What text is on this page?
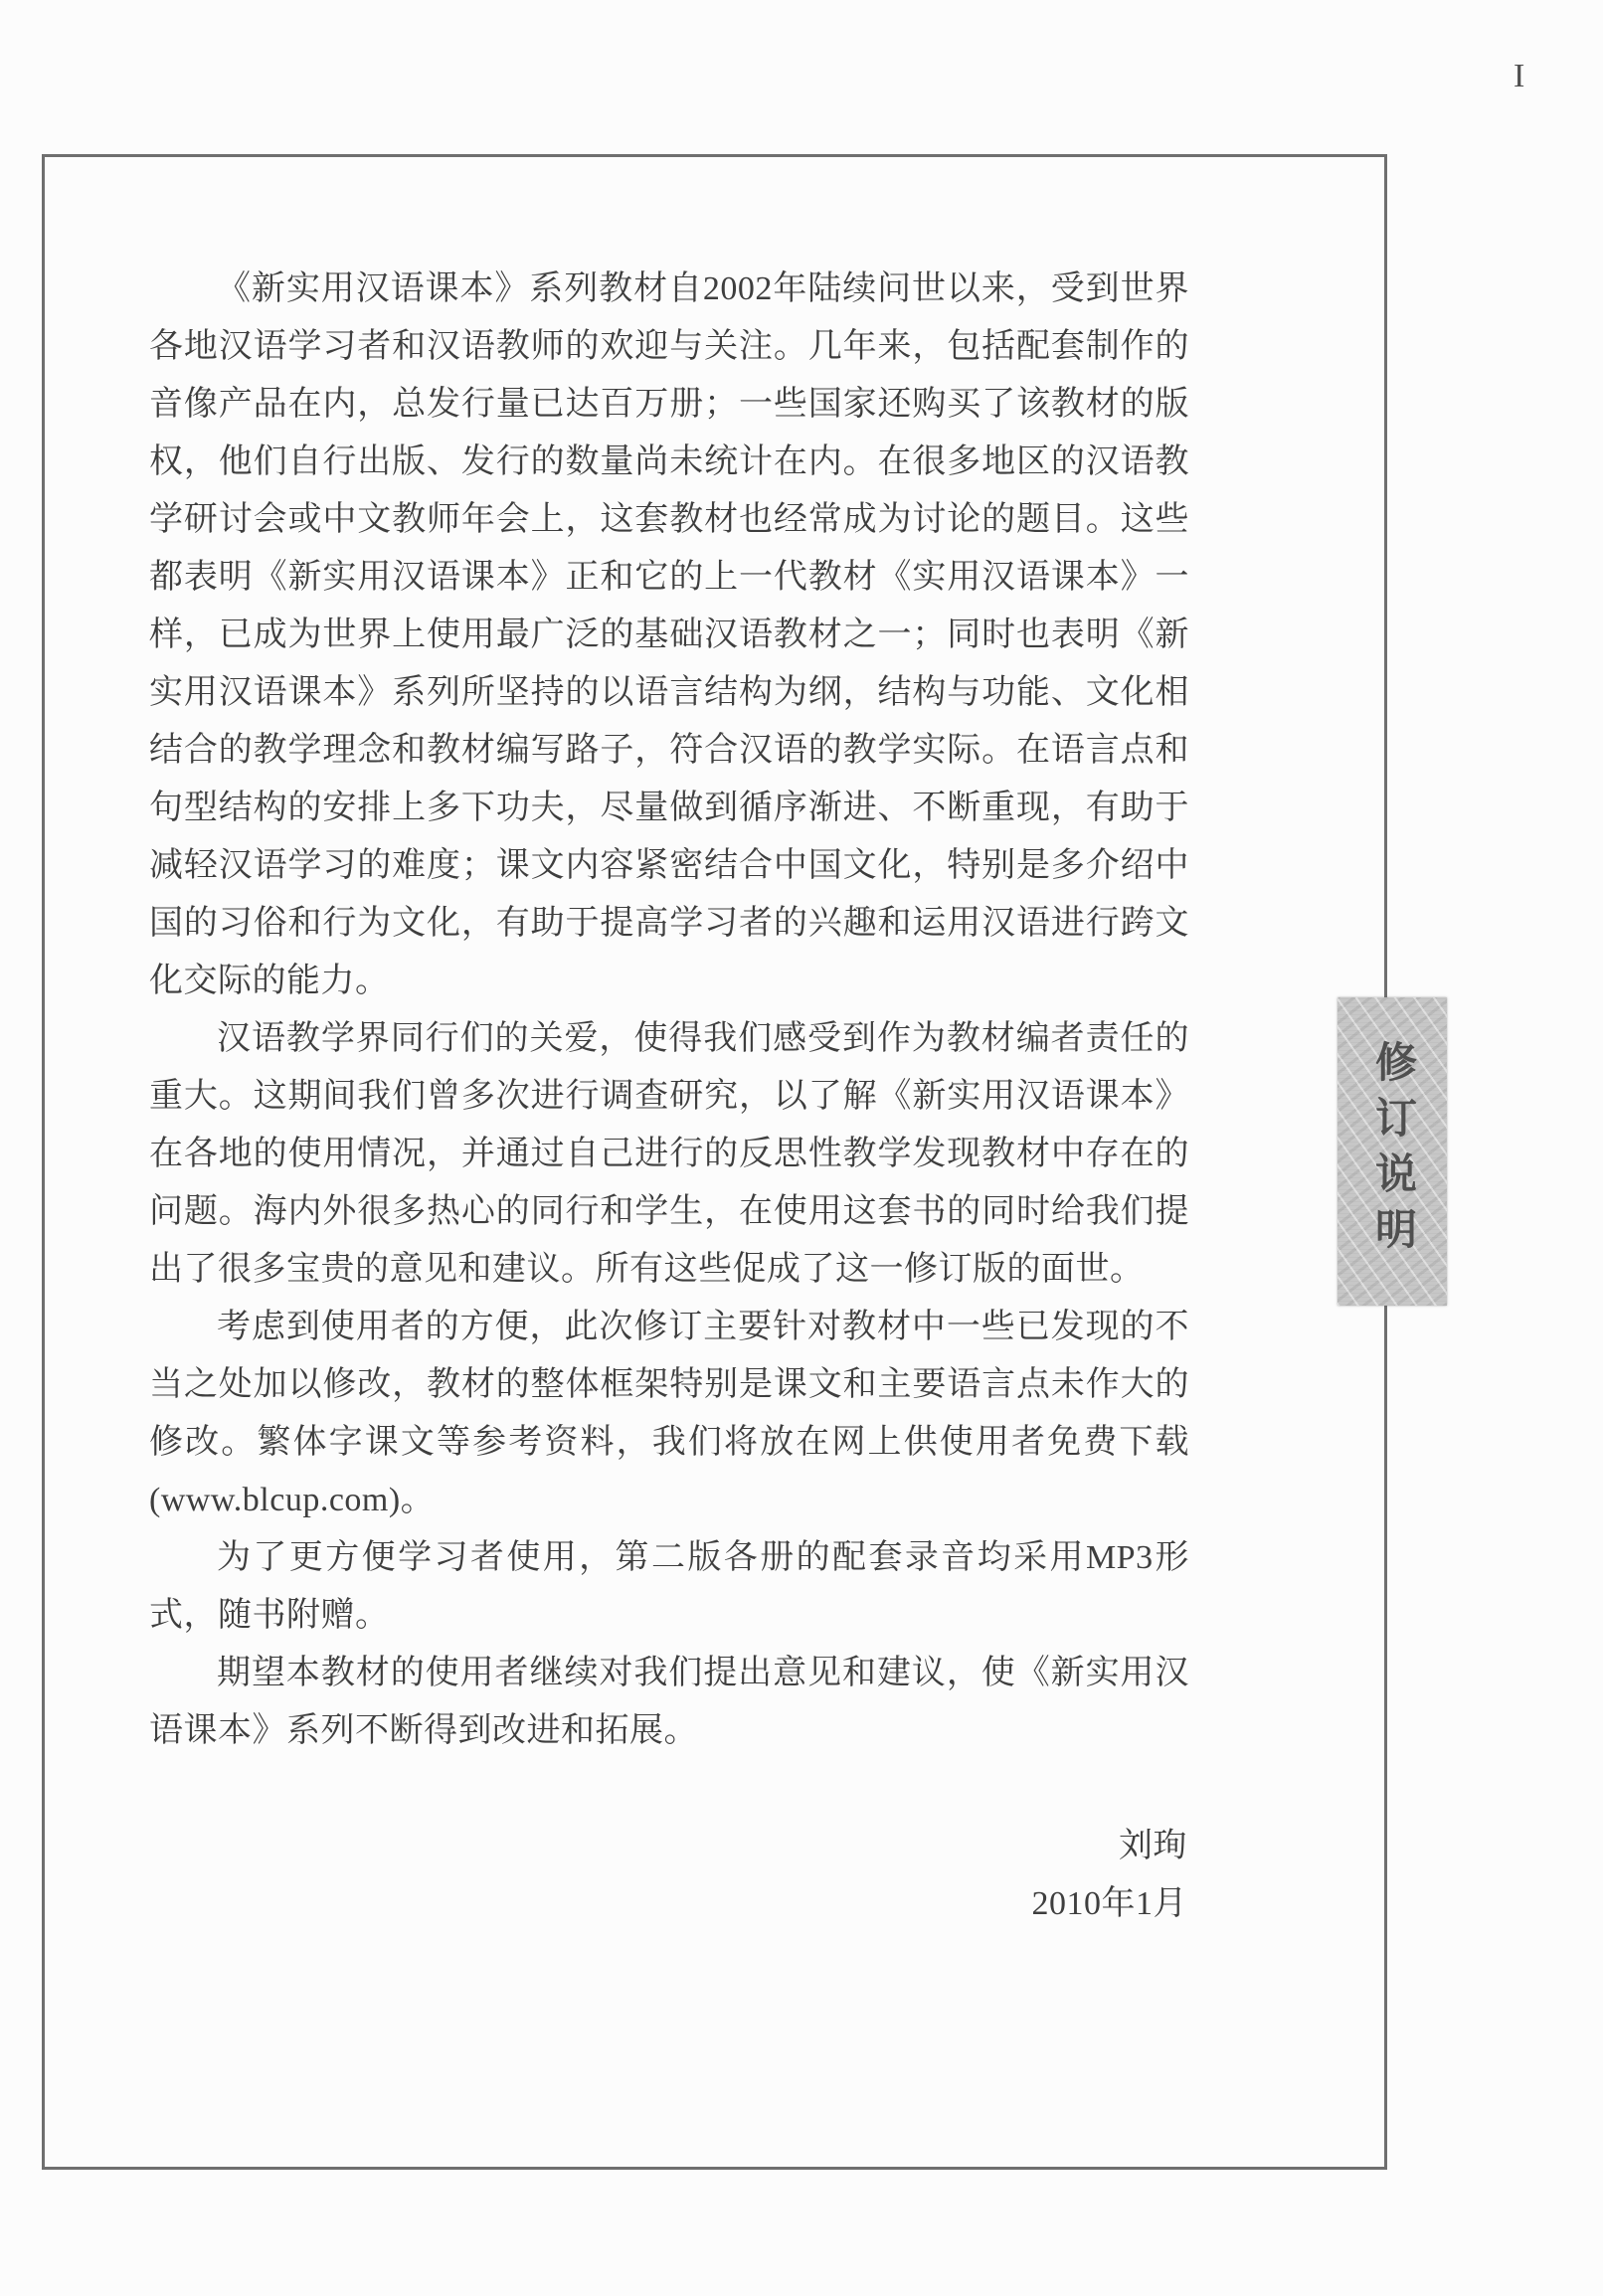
I

《新实用汉语课本》系列教材自2002年陆续问世以来，受到世界各地汉语学习者和汉语教师的欢迎与关注。几年来，包括配套制作的音像产品在内，总发行量已达百万册；一些国家还购买了该教材的版权，他们自行出版、发行的数量尚未统计在内。在很多地区的汉语教学研讨会或中文教师年会上，这套教材也经常成为讨论的题目。这些都表明《新实用汉语课本》正和它的上一代教材《实用汉语课本》一样，已成为世界上使用最广泛的基础汉语教材之一；同时也表明《新实用汉语课本》系列所坚持的以语言结构为纲，结构与功能、文化相结合的教学理念和教材编写路子，符合汉语的教学实际。在语言点和句型结构的安排上多下功夫，尽量做到循序渐进、不断重现，有助于减轻汉语学习的难度；课文内容紧密结合中国文化，特别是多介绍中国的习俗和行为文化，有助于提高学习者的兴趣和运用汉语进行跨文化交际的能力。

汉语教学界同行们的关爱，使得我们感受到作为教材编者责任的重大。这期间我们曾多次进行调查研究，以了解《新实用汉语课本》在各地的使用情况，并通过自己进行的反思性教学发现教材中存在的问题。海内外很多热心的同行和学生，在使用这套书的同时给我们提出了很多宝贵的意见和建议。所有这些促成了这一修订版的面世。

考虑到使用者的方便，此次修订主要针对教材中一些已发现的不当之处加以修改，教材的整体框架特别是课文和主要语言点未作大的修改。繁体字课文等参考资料，我们将放在网上供使用者免费下载(www.blcup.com)。

为了更方便学习者使用，第二版各册的配套录音均采用MP3形式，随书附赠。

期望本教材的使用者继续对我们提出意见和建议，使《新实用汉语课本》系列不断得到改进和拓展。

刘珣
2010年1月
修订说明
